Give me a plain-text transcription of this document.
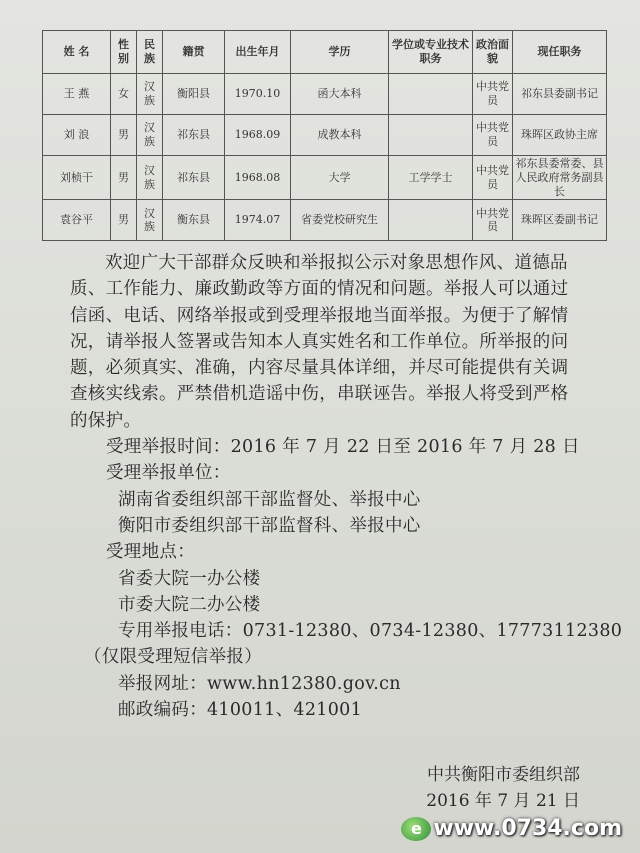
姓 名	性别	民族	籍贯	出生年月	学历	学位或专业技术职务	政治面貌	现任职务
王 燕	女	汉族	衡阳县	1970.10	函大本科		中共党员	祁东县委副书记
刘 浪	男	汉族	祁东县	1968.09	成教本科		中共党员	珠晖区政协主席
刘桢干	男	汉族	祁东县	1968.08	大学	工学学士	中共党员	祁东县委常委、县人民政府常务副县长
袁谷平	男	汉族	衡东县	1974.07	省委党校研究生		中共党员	珠晖区委副书记

欢迎广大干部群众反映和举报拟公示对象思想作风、道德品质、工作能力、廉政勤政等方面的情况和问题。举报人可以通过信函、电话、网络举报或到受理举报地当面举报。为便于了解情况，请举报人签署或告知本人真实姓名和工作单位。所举报的问题，必须真实、准确，内容尽量具体详细，并尽可能提供有关调查核实线索。严禁借机造谣中伤，串联诬告。举报人将受到严格的保护。

受理举报时间：2016 年 7 月 22 日至 2016 年 7 月 28 日

受理举报单位：

湖南省委组织部干部监督处、举报中心

衡阳市委组织部干部监督科、举报中心

受理地点：

省委大院一办公楼

市委大院二办公楼

专用举报电话：0731-12380、0734-12380、17773112380

（仅限受理短信举报）

举报网址：www.hn12380.gov.cn

邮政编码：410011、421001

中共衡阳市委组织部
2016 年 7 月 21 日
e www.0734.com
